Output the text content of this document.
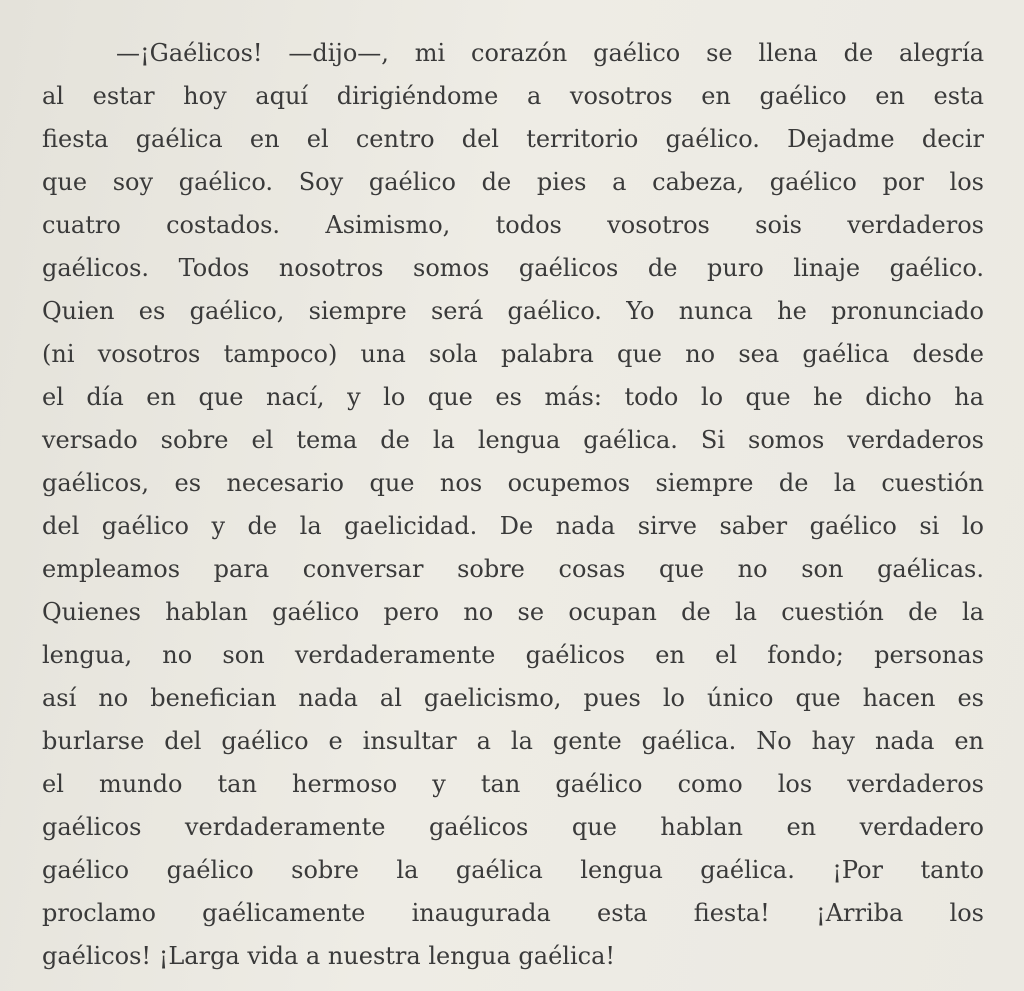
—¡Gaélicos! —dijo—, mi corazón gaélico se llena de alegría
al estar hoy aquí dirigiéndome a vosotros en gaélico en esta
fiesta gaélica en el centro del territorio gaélico. Dejadme decir
que soy gaélico. Soy gaélico de pies a cabeza, gaélico por los
cuatro costados. Asimismo, todos vosotros sois verdaderos
gaélicos. Todos nosotros somos gaélicos de puro linaje gaélico.
Quien es gaélico, siempre será gaélico. Yo nunca he pronunciado
(ni vosotros tampoco) una sola palabra que no sea gaélica desde
el día en que nací, y lo que es más: todo lo que he dicho ha
versado sobre el tema de la lengua gaélica. Si somos verdaderos
gaélicos, es necesario que nos ocupemos siempre de la cuestión
del gaélico y de la gaelicidad. De nada sirve saber gaélico si lo
empleamos para conversar sobre cosas que no son gaélicas.
Quienes hablan gaélico pero no se ocupan de la cuestión de la
lengua, no son verdaderamente gaélicos en el fondo; personas
así no benefician nada al gaelicismo, pues lo único que hacen es
burlarse del gaélico e insultar a la gente gaélica. No hay nada en
el mundo tan hermoso y tan gaélico como los verdaderos
gaélicos verdaderamente gaélicos que hablan en verdadero
gaélico gaélico sobre la gaélica lengua gaélica. ¡Por tanto
proclamo gaélicamente inaugurada esta fiesta! ¡Arriba los
gaélicos! ¡Larga vida a nuestra lengua gaélica!
